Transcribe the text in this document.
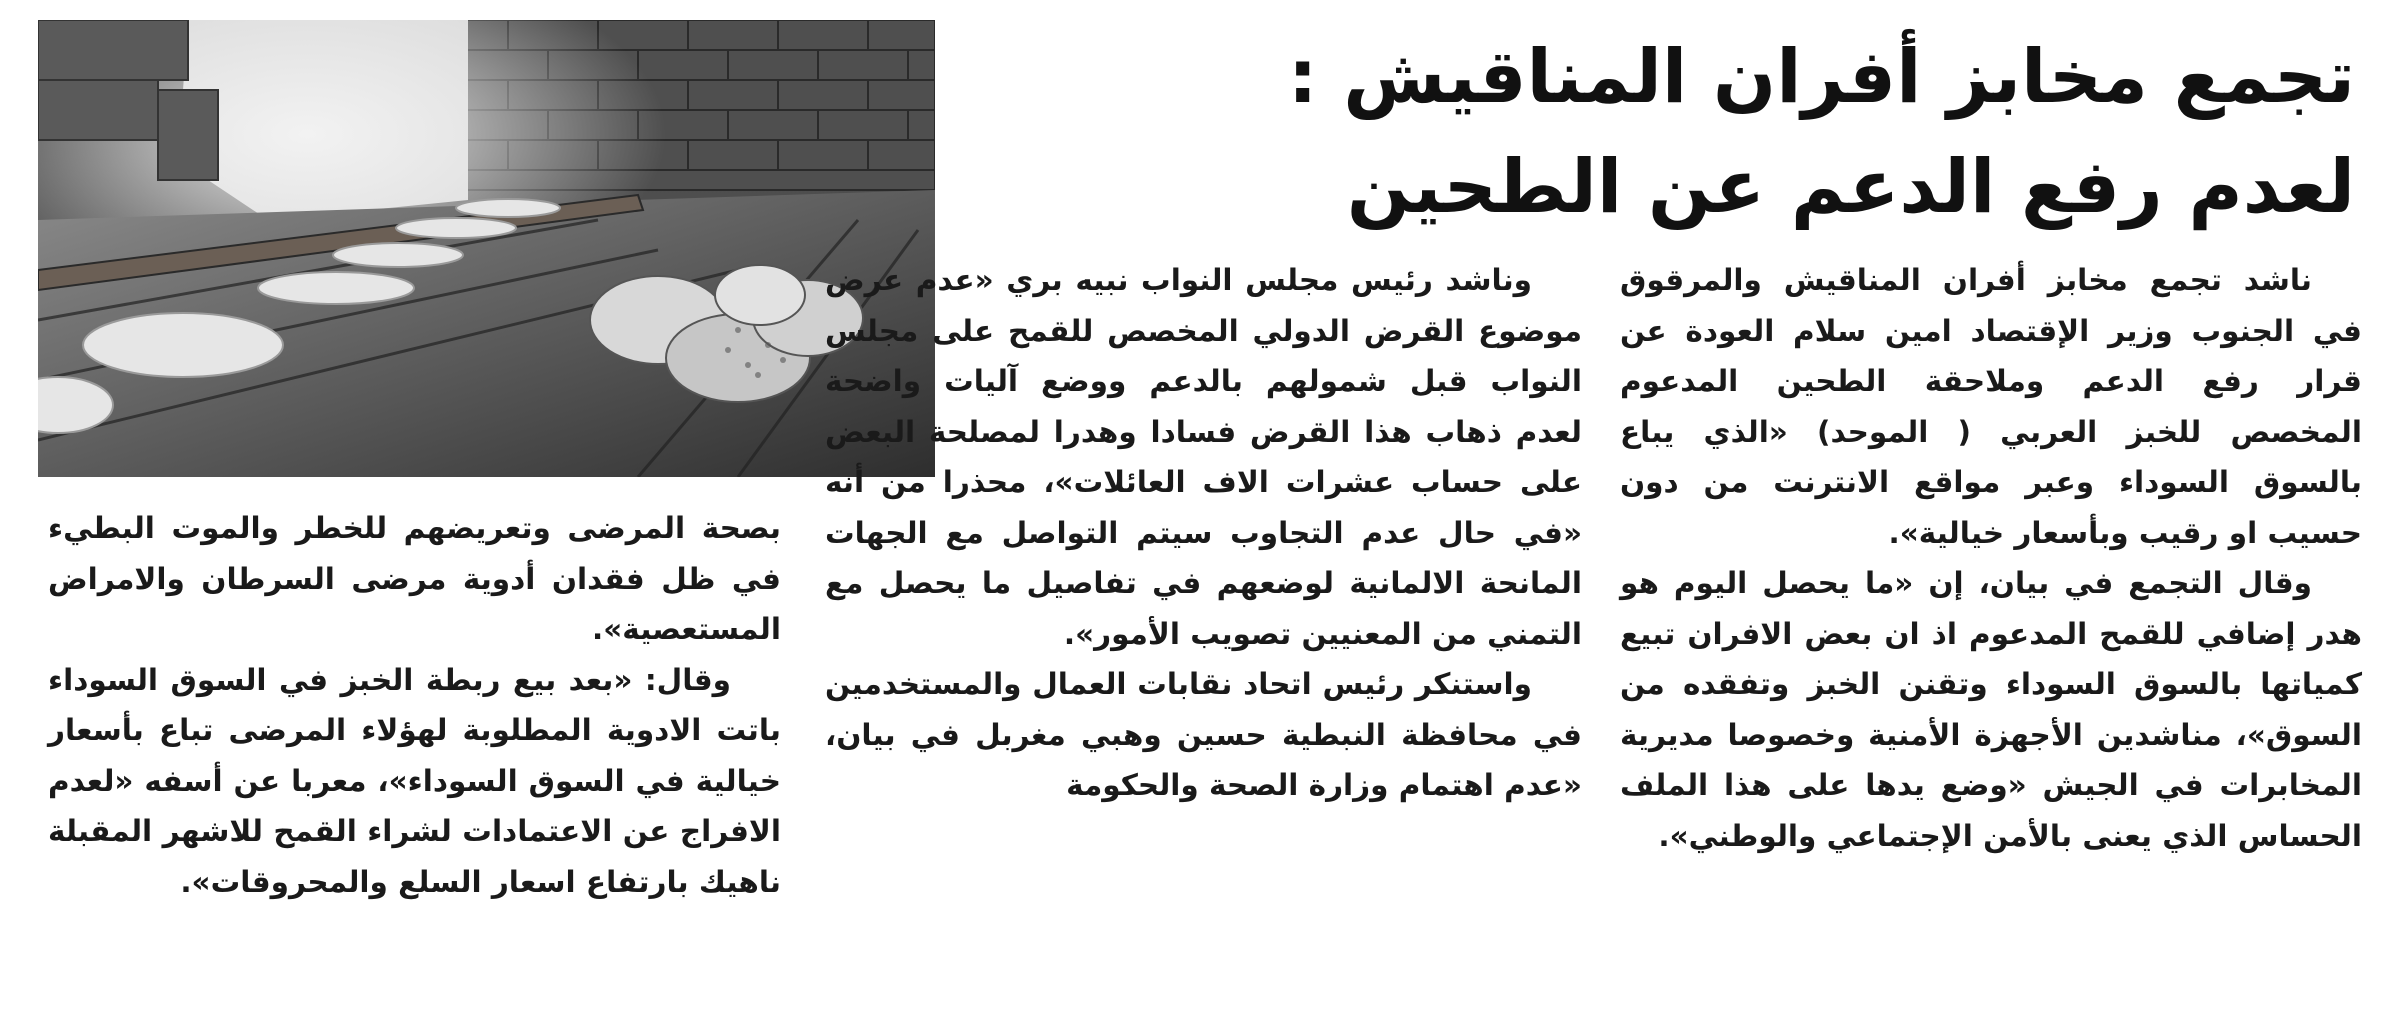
تجمع مخابز أفران المناقيش :
لعدم رفع الدعم عن الطحين

ناشد تجمع مخابز أفران المناقيش والمرقوق في الجنوب وزير الإقتصاد امين سلام العودة عن قرار رفع الدعم وملاحقة الطحين المدعوم المخصص للخبز العربي ( الموحد) «الذي يباع بالسوق السوداء وعبر مواقع الانترنت من دون حسيب او رقيب وبأسعار خيالية».

وقال التجمع في بيان، إن «ما يحصل اليوم هو هدر إضافي للقمح المدعوم اذ ان بعض الافران تبيع كمياتها بالسوق السوداء وتقنن الخبز وتفقده من السوق»، مناشدين الأجهزة الأمنية وخصوصا مديرية المخابرات في الجيش «وضع يدها على هذا الملف الحساس الذي يعنى بالأمن الإجتماعي والوطني».

وناشد رئيس مجلس النواب نبيه بري «عدم عرض موضوع القرض الدولي المخصص للقمح على مجلس النواب قبل شمولهم بالدعم ووضع آليات واضحة لعدم ذهاب هذا القرض فسادا وهدرا لمصلحة البعض على حساب عشرات الاف العائلات»، محذرا من أنه «في حال عدم التجاوب سيتم التواصل مع الجهات المانحة الالمانية لوضعهم في تفاصيل ما يحصل مع التمني من المعنيين تصويب الأمور».

واستنكر رئيس اتحاد نقابات العمال والمستخدمين في محافظة النبطية حسين وهبي مغربل في بيان، «عدم اهتمام وزارة الصحة والحكومة

بصحة المرضى وتعريضهم للخطر والموت البطيء في ظل فقدان أدوية مرضى السرطان والامراض المستعصية».

وقال: «بعد بيع ربطة الخبز في السوق السوداء باتت الادوية المطلوبة لهؤلاء المرضى تباع بأسعار خيالية في السوق السوداء»، معربا عن أسفه «لعدم الافراج عن الاعتمادات لشراء القمح للاشهر المقبلة ناهيك بارتفاع اسعار السلع والمحروقات».
